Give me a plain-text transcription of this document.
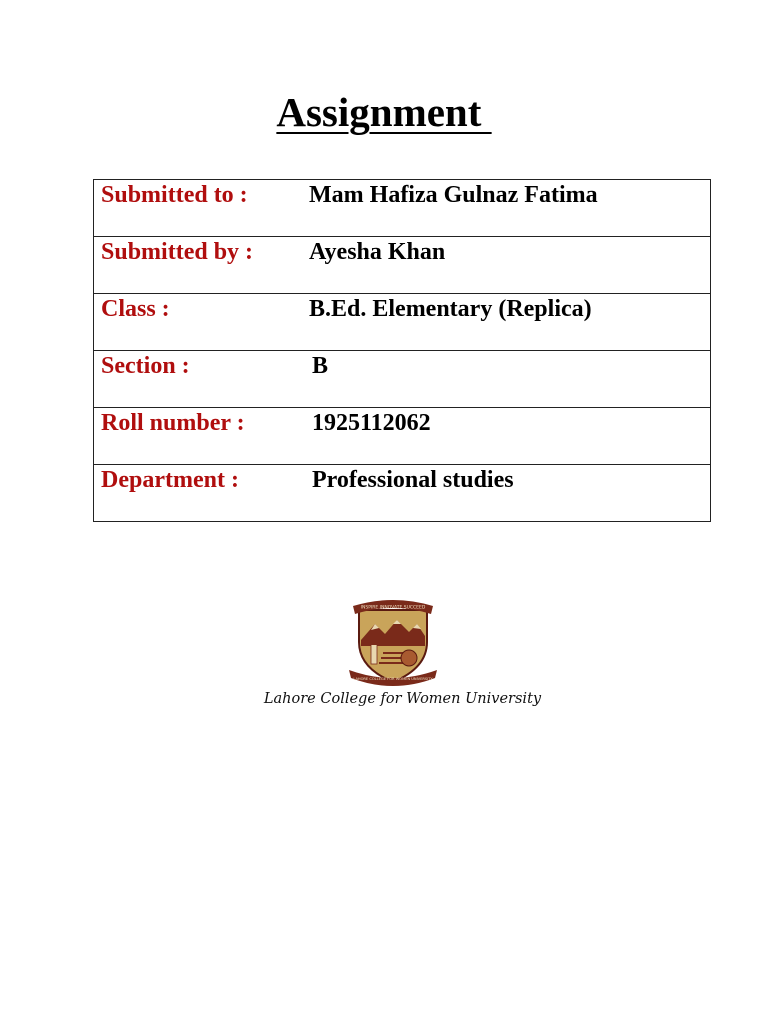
Assignment
Submitted to :	Mam Hafiza Gulnaz Fatima
Submitted by :	Ayesha Khan
Class :	B.Ed. Elementary (Replica)
Section :	B
Roll number :	1925112062
Department :	Professional studies
INSPIRE INNOVATE SUCCEED
LAHORE COLLEGE FOR WOMEN UNIVERSITY
Lahore College for Women University
